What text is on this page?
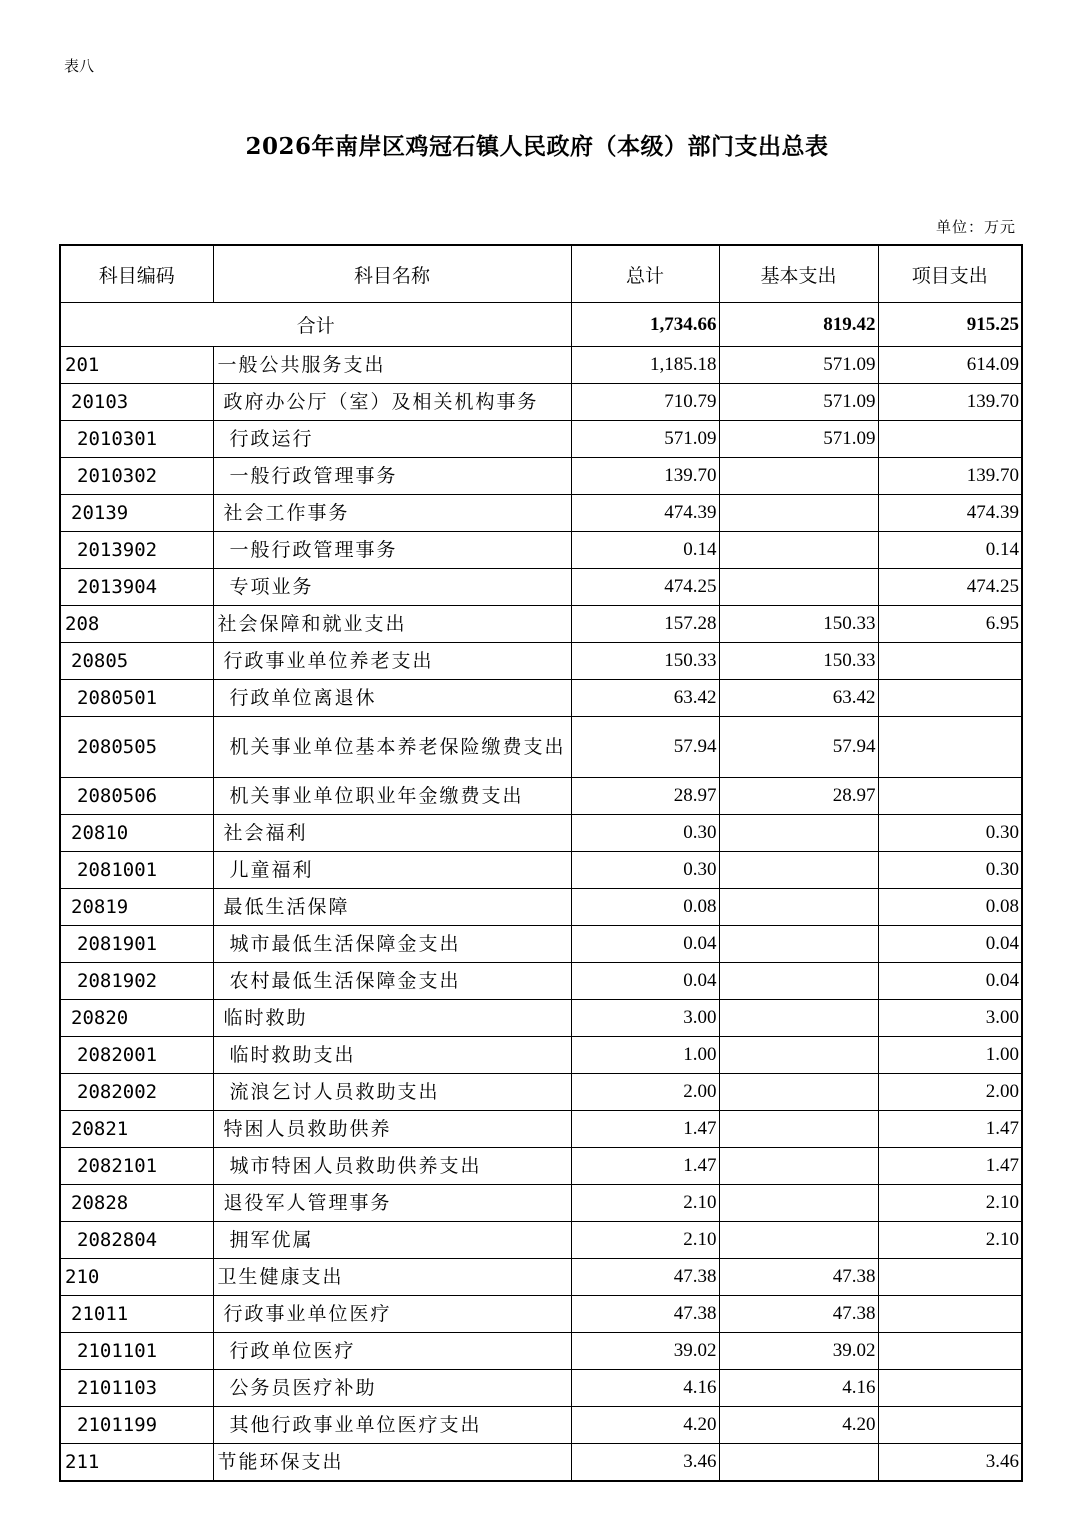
表八
2026年南岸区鸡冠石镇人民政府（本级）部门支出总表
单位：万元
科目编码	科目名称	总计	基本支出	项目支出
合计		1,734.66	819.42	915.25
201	一般公共服务支出	1,185.18	571.09	614.09
20103	政府办公厅（室）及相关机构事务	710.79	571.09	139.70
2010301	行政运行	571.09	571.09	
2010302	一般行政管理事务	139.70		139.70
20139	社会工作事务	474.39		474.39
2013902	一般行政管理事务	0.14		0.14
2013904	专项业务	474.25		474.25
208	社会保障和就业支出	157.28	150.33	6.95
20805	行政事业单位养老支出	150.33	150.33	
2080501	行政单位离退休	63.42	63.42	
2080505	机关事业单位基本养老保险缴费支出	57.94	57.94	
2080506	机关事业单位职业年金缴费支出	28.97	28.97	
20810	社会福利	0.30		0.30
2081001	儿童福利	0.30		0.30
20819	最低生活保障	0.08		0.08
2081901	城市最低生活保障金支出	0.04		0.04
2081902	农村最低生活保障金支出	0.04		0.04
20820	临时救助	3.00		3.00
2082001	临时救助支出	1.00		1.00
2082002	流浪乞讨人员救助支出	2.00		2.00
20821	特困人员救助供养	1.47		1.47
2082101	城市特困人员救助供养支出	1.47		1.47
20828	退役军人管理事务	2.10		2.10
2082804	拥军优属	2.10		2.10
210	卫生健康支出	47.38	47.38	
21011	行政事业单位医疗	47.38	47.38	
2101101	行政单位医疗	39.02	39.02	
2101103	公务员医疗补助	4.16	4.16	
2101199	其他行政事业单位医疗支出	4.20	4.20	
211	节能环保支出	3.46		3.46
